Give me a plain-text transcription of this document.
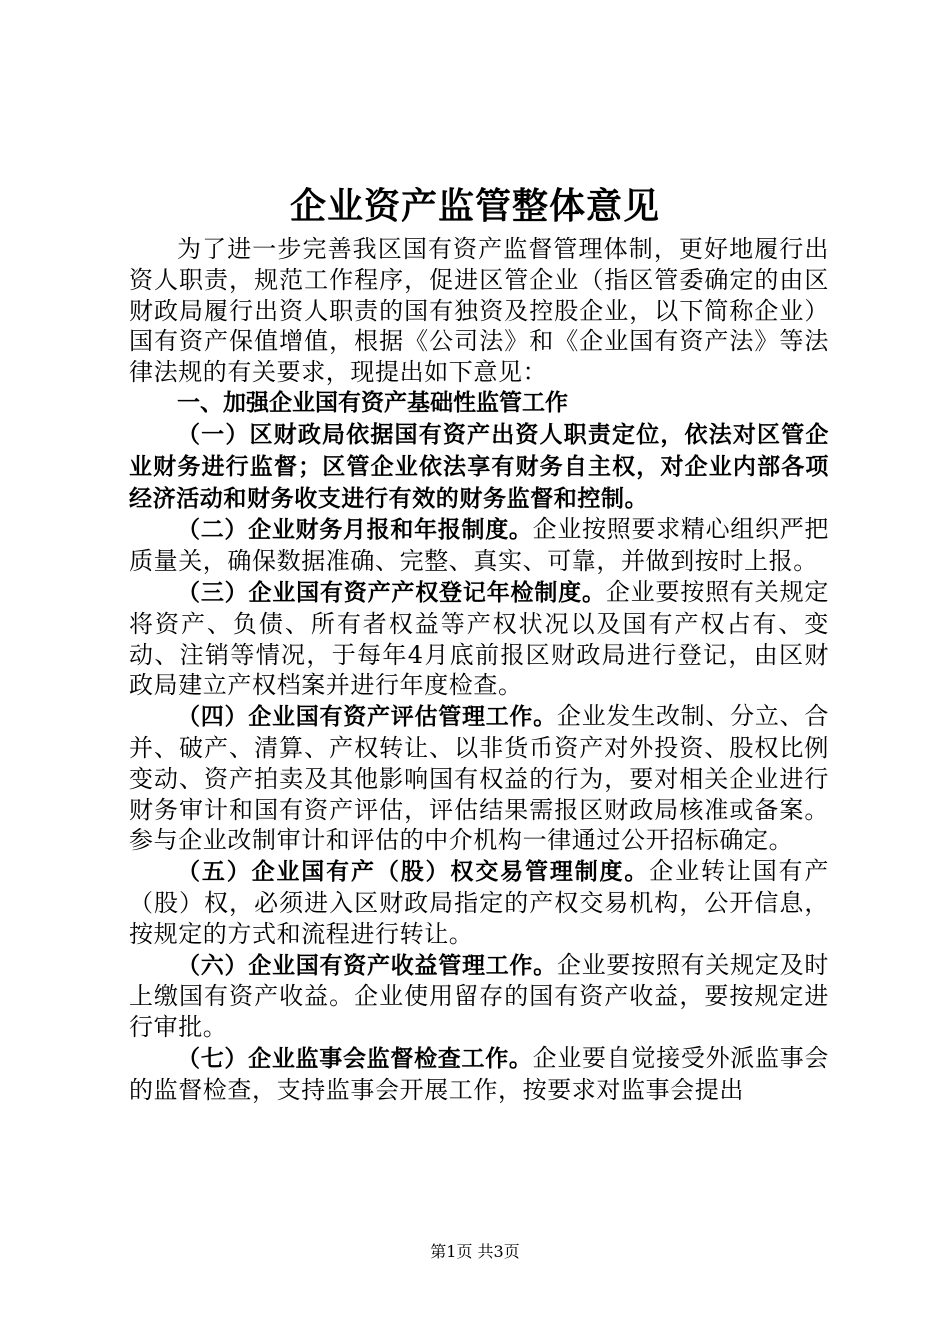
企业资产监管整体意见

为了进一步完善我区国有资产监督管理体制，更好地履行出资人职责，规范工作程序，促进区管企业（指区管委确定的由区财政局履行出资人职责的国有独资及控股企业，以下简称企业）国有资产保值增值，根据《公司法》和《企业国有资产法》等法律法规的有关要求，现提出如下意见：

一、加强企业国有资产基础性监管工作

（一）区财政局依据国有资产出资人职责定位，依法对区管企业财务进行监督；区管企业依法享有财务自主权，对企业内部各项经济活动和财务收支进行有效的财务监督和控制。

（二）企业财务月报和年报制度。企业按照要求精心组织严把质量关，确保数据准确、完整、真实、可靠，并做到按时上报。

（三）企业国有资产产权登记年检制度。企业要按照有关规定将资产、负债、所有者权益等产权状况以及国有产权占有、变动、注销等情况，于每年4月底前报区财政局进行登记，由区财政局建立产权档案并进行年度检查。

（四）企业国有资产评估管理工作。企业发生改制、分立、合并、破产、清算、产权转让、以非货币资产对外投资、股权比例变动、资产拍卖及其他影响国有权益的行为，要对相关企业进行财务审计和国有资产评估，评估结果需报区财政局核准或备案。参与企业改制审计和评估的中介机构一律通过公开招标确定。

（五）企业国有产（股）权交易管理制度。企业转让国有产（股）权，必须进入区财政局指定的产权交易机构，公开信息，按规定的方式和流程进行转让。

（六）企业国有资产收益管理工作。企业要按照有关规定及时上缴国有资产收益。企业使用留存的国有资产收益，要按规定进行审批。

（七）企业监事会监督检查工作。企业要自觉接受外派监事会的监督检查，支持监事会开展工作，按要求对监事会提出

第1页 共3页
